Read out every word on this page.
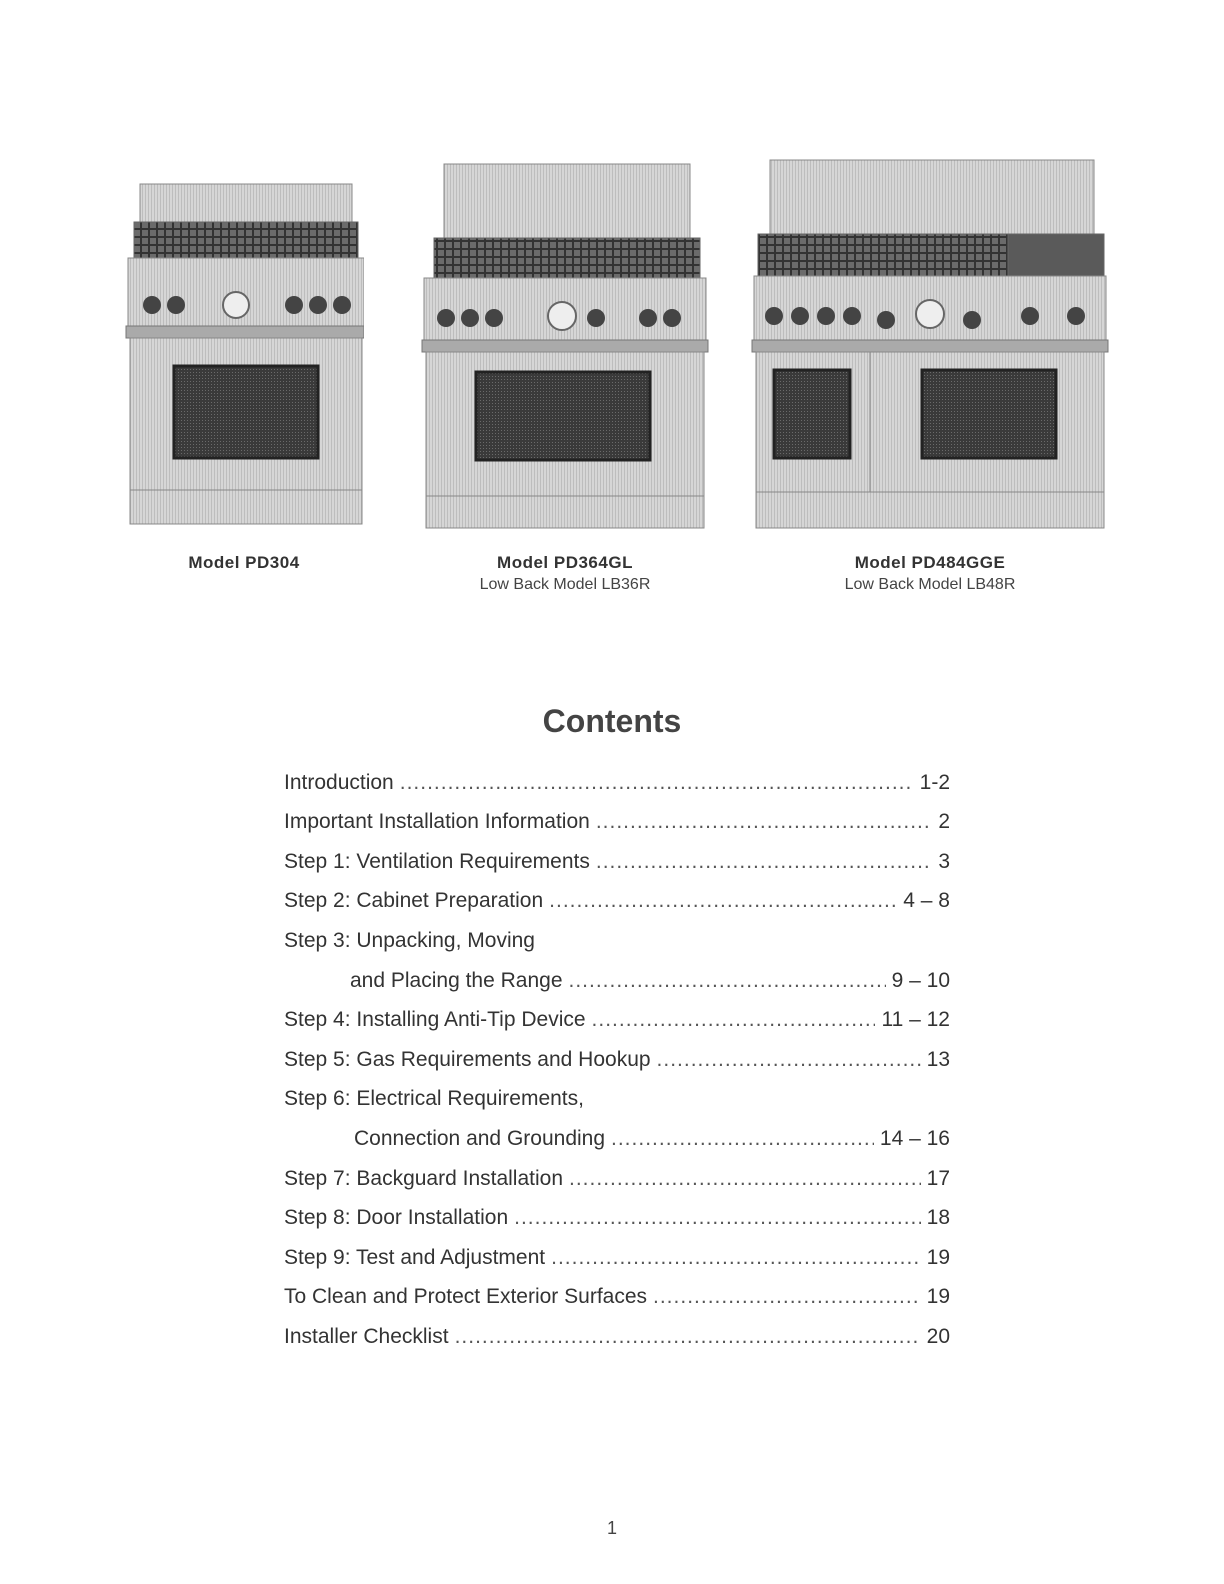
Model PD304	Model PD364GL
Low Back Model LB36R
Model PD484GGE
Low Back Model LB48R
Contents
Introduction .....	1-2
Important Installation Information .....	2
Step 1: Ventilation Requirements .....	3
Step 2: Cabinet Preparation .....	4 – 8
Step 3: Unpacking, Moving
and Placing the Range .....	9 – 10
Step 4: Installing Anti-Tip Device .....	11 – 12
Step 5: Gas Requirements and Hookup .....	13
Step 6: Electrical Requirements,
Connection and Grounding .....	14 – 16
Step 7: Backguard Installation .....	17
Step 8: Door Installation .....	18
Step 9: Test and Adjustment .....	19
To Clean and Protect Exterior Surfaces .....	19
Installer Checklist .....	20
1
